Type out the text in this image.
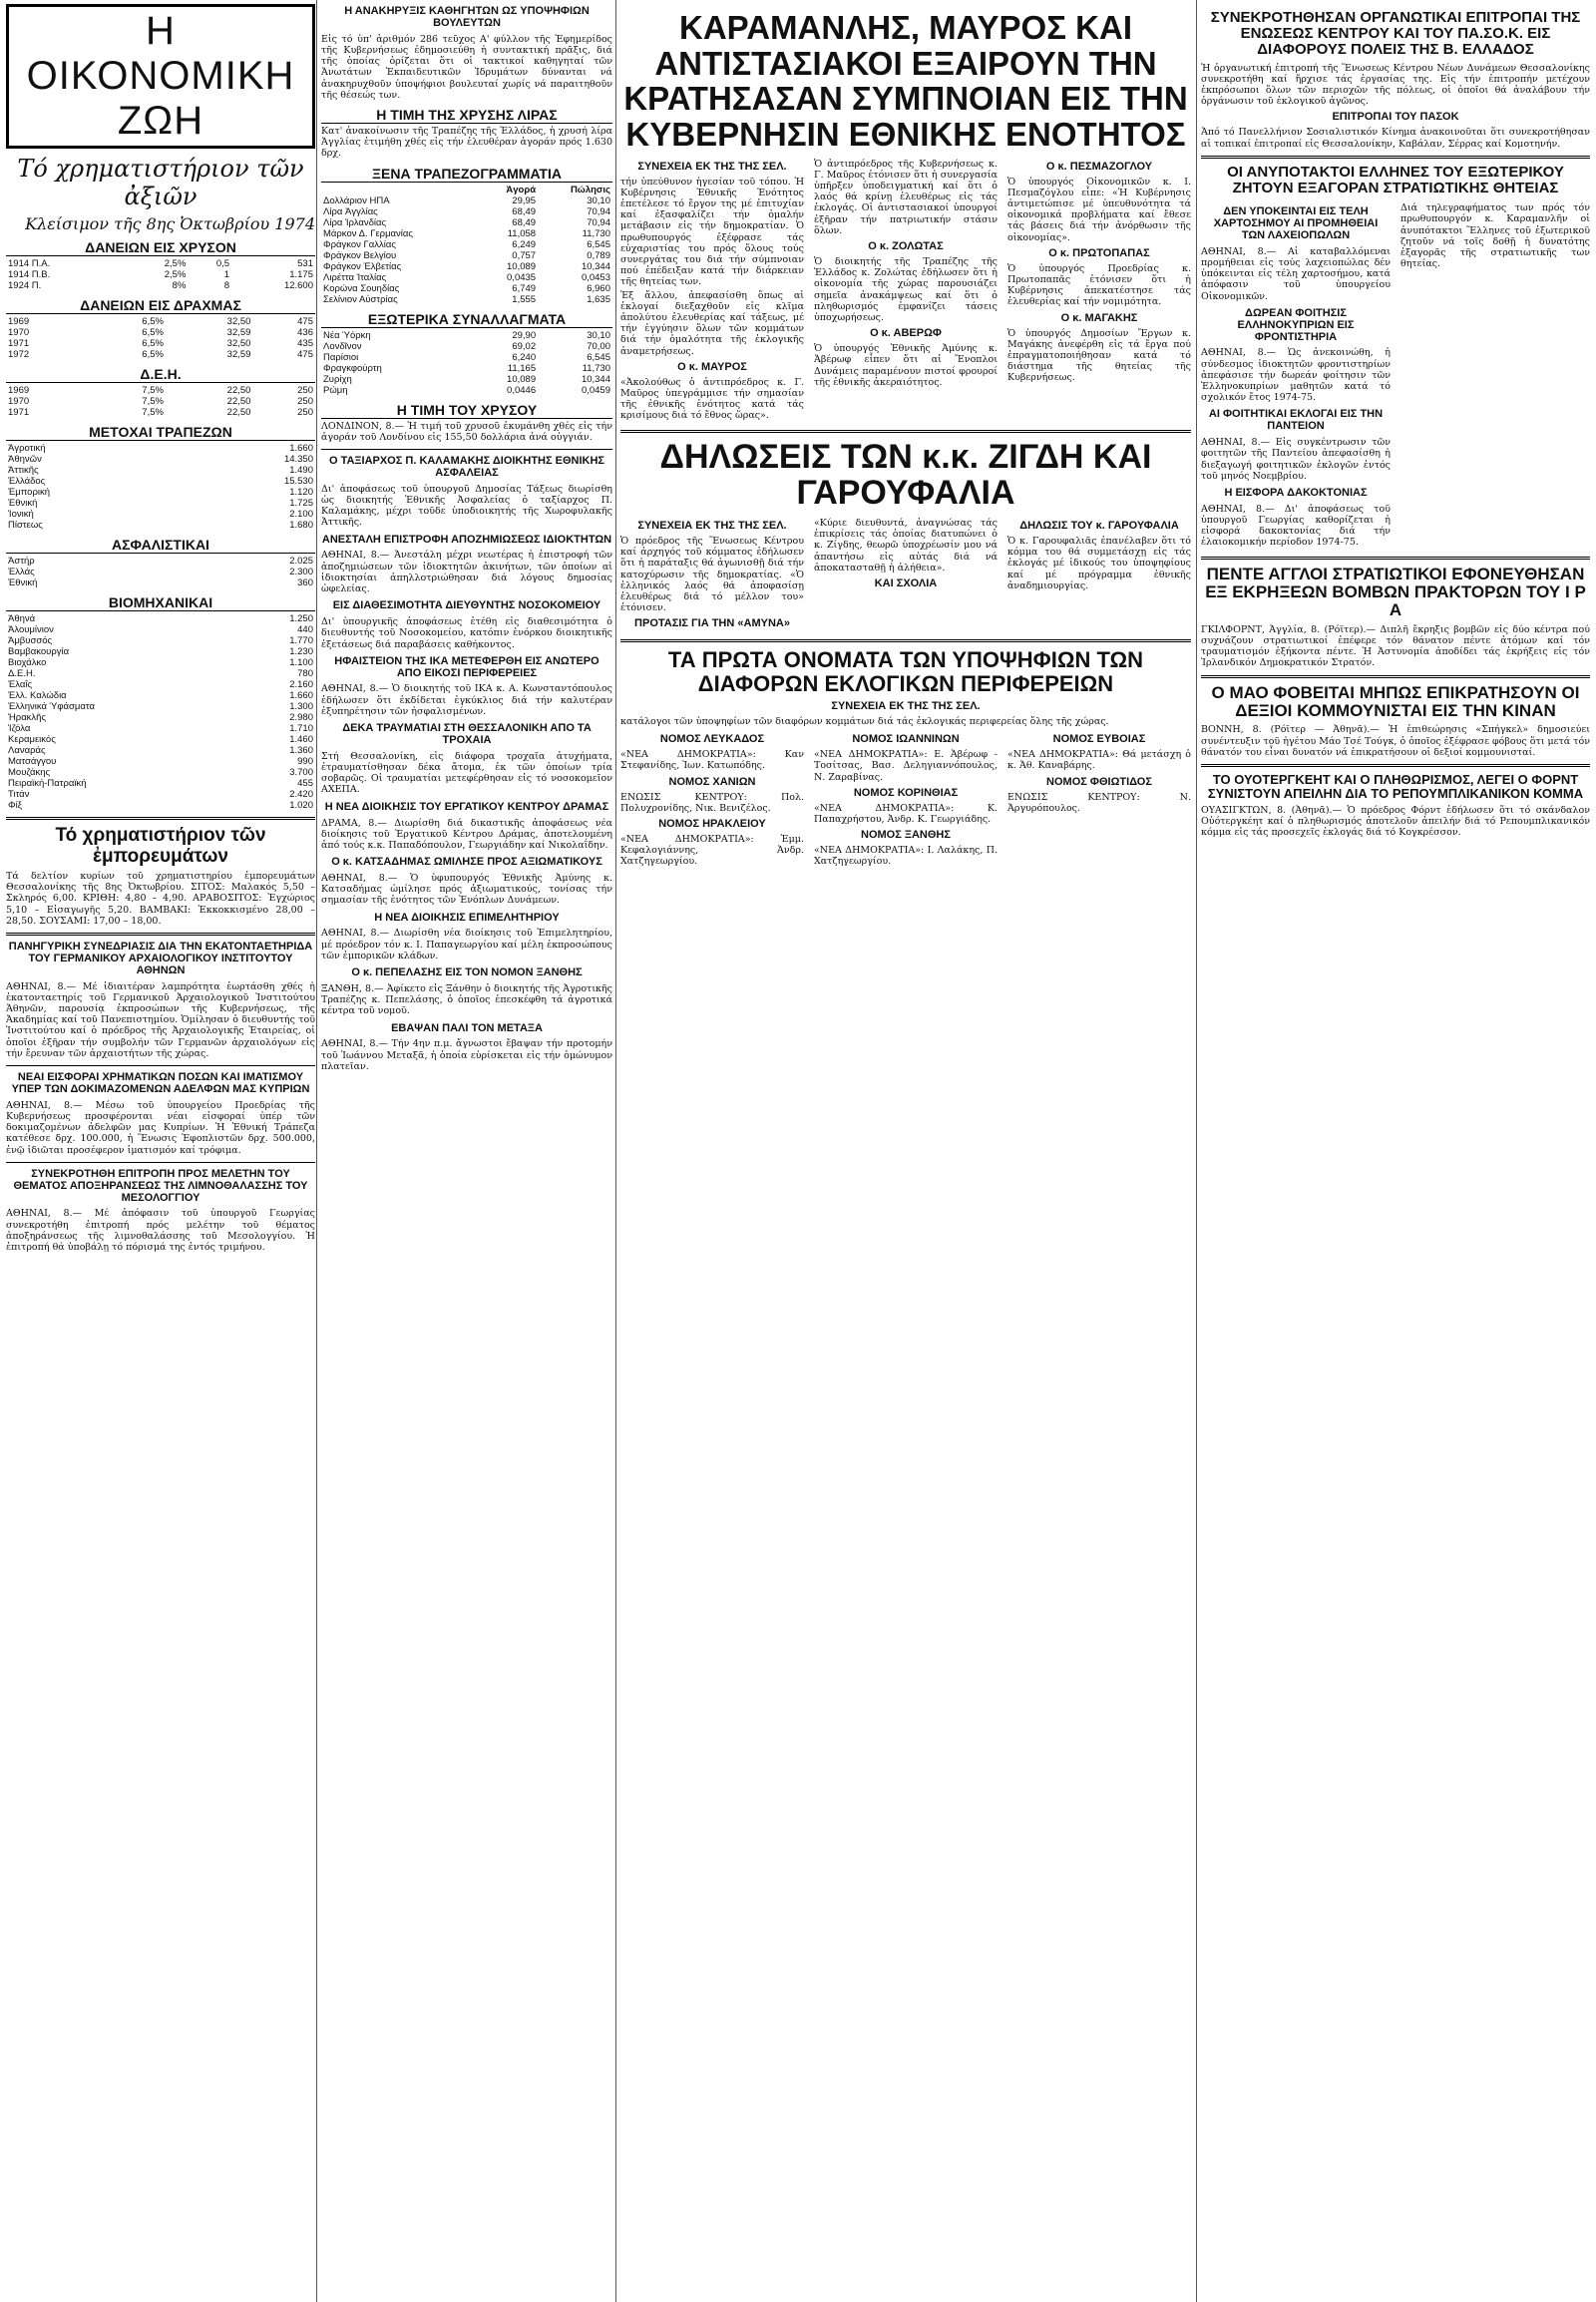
Η ΟΙΚΟΝΟΜΙΚΗ ΖΩΗ
Τό χρηματιστήριον τῶν ἀξιῶν
Κλείσιμον τῆς 8ης Ὀκτωβρίου 1974
ΔΑΝΕΙΩΝ ΕΙΣ ΧΡΥΣΟΝ
1914 Π.Α.	2,5%	0,5	531
1914 Π.Β.	2,5%	1	1.175
1924 Π.	8%	8	12.600
ΔΑΝΕΙΩΝ ΕΙΣ ΔΡΑΧΜΑΣ
1969	6,5%	32,50	475
1970	6,5%	32,59	436
1971	6,5%	32,50	435
1972	6,5%	32,59	475
Δ.Ε.Η.
1969	7,5%	22,50	250
1970	7,5%	22,50	250
1971	7,5%	22,50	250
ΜΕΤΟΧΑΙ ΤΡΑΠΕΖΩΝ
Ἀγροτική	1.660
Ἀθηνῶν	14.350
Ἀττικῆς	1.490
Ἑλλάδος	15.530
Ἐμπορική	1.120
Ἐθνική	1.725
Ἰονική	2.100
Πίστεως	1.680
ΑΣΦΑΛΙΣΤΙΚΑΙ
Ἀστήρ	2.025
Ἑλλάς	2.300
Ἐθνική	360
ΒΙΟΜΗΧΑΝΙΚΑΙ
Ἀθηνά	1.250
Ἀλουμίνιον	440
Ἀμβυσσός	1.770
Βαμβακουργία	1.230
Βιοχάλκο	1.100
Δ.Ε.Η.	780
Ἐλαΐς	2.160
Ἑλλ. Καλώδια	1.660
Ἑλληνικά Ὑφάσματα	1.300
Ἠρακλῆς	2.980
Ἰζόλα	1.710
Κεραμεικός	1.460
Λαναράς	1.360
Ματσάγγου	990
Μουζάκης	3.700
Πειραϊκή-Πατραϊκή	455
Τιτάν	2.420
Φίξ	1.020
Τό χρηματιστήριον τῶν ἐμπορευμάτων

Τά δελτίον κυρίων τοῦ χρηματιστηρίου ἐμπορευμάτων Θεσσαλονίκης τῆς 8ης Ὀκτωβρίου. ΣΙΤΟΣ: Μαλακός 5,50 – Σκληρός 6,00. ΚΡΙΘΗ: 4,80 – 4,90. ΑΡΑΒΟΣΙΤΟΣ: Ἐγχώριος 5,10 – Εἰσαγωγῆς 5,20. ΒΑΜΒΑΚΙ: Ἐκκοκκισμένο 28,00 – 28,50. ΣΟΥΣΑΜΙ: 17,00 – 18,00.

ΠΑΝΗΓΥΡΙΚΗ ΣΥΝΕΔΡΙΑΣΙΣ ΔΙΑ ΤΗΝ ΕΚΑΤΟΝΤΑΕΤΗΡΙΔΑ ΤΟΥ ΓΕΡΜΑΝΙΚΟΥ ΑΡΧΑΙΟΛΟΓΙΚΟΥ ΙΝΣΤΙΤΟΥΤΟΥ ΑΘΗΝΩΝ

ΑΘΗΝΑΙ, 8.— Μέ ἰδιαιτέραν λαμπρότητα ἑωρτάσθη χθές ἡ ἑκατονταετηρίς τοῦ Γερμανικοῦ Ἀρχαιολογικοῦ Ἰνστιτούτου Ἀθηνῶν, παρουσίᾳ ἐκπροσώπων τῆς Κυβερνήσεως, τῆς Ἀκαδημίας καί τοῦ Πανεπιστημίου. Ὁμίλησαν ὁ διευθυντής τοῦ Ἰνστιτούτου καί ὁ πρόεδρος τῆς Ἀρχαιολογικῆς Ἑταιρείας, οἱ ὁποῖοι ἐξῆραν τήν συμβολήν τῶν Γερμανῶν ἀρχαιολόγων εἰς τήν ἔρευναν τῶν ἀρχαιοτήτων τῆς χώρας.

ΝΕΑΙ ΕΙΣΦΟΡΑΙ ΧΡΗΜΑΤΙΚΩΝ ΠΟΣΩΝ ΚΑΙ ΙΜΑΤΙΣΜΟΥ ΥΠΕΡ ΤΩΝ ΔΟΚΙΜΑΖΟΜΕΝΩΝ ΑΔΕΛΦΩΝ ΜΑΣ ΚΥΠΡΙΩΝ

ΑΘΗΝΑΙ, 8.— Μέσω τοῦ ὑπουργείου Προεδρίας τῆς Κυβερνήσεως προσφέρονται νέαι εἰσφοραί ὑπέρ τῶν δοκιμαζομένων ἀδελφῶν μας Κυπρίων. Ἡ Ἐθνική Τράπεζα κατέθεσε δρχ. 100.000, ἡ Ἕνωσις Ἐφοπλιστῶν δρχ. 500.000, ἐνῷ ἰδιῶται προσέφερον ἱματισμόν καί τρόφιμα.

ΣΥΝΕΚΡΟΤΗΘΗ ΕΠΙΤΡΟΠΗ ΠΡΟΣ ΜΕΛΕΤΗΝ ΤΟΥ ΘΕΜΑΤΟΣ ΑΠΟΞΗΡΑΝΣΕΩΣ ΤΗΣ ΛΙΜΝΟΘΑΛΑΣΣΗΣ ΤΟΥ ΜΕΣΟΛΟΓΓΙΟΥ

ΑΘΗΝΑΙ, 8.— Μέ ἀπόφασιν τοῦ ὑπουργοῦ Γεωργίας συνεκροτήθη ἐπιτροπή πρός μελέτην τοῦ θέματος ἀποξηράνσεως τῆς λιμνοθαλάσσης τοῦ Μεσολογγίου. Ἡ ἐπιτροπή θά ὑποβάλῃ τό πόρισμά της ἐντός τριμήνου.

Η ΑΝΑΚΗΡΥΞΙΣ ΚΑΘΗΓΗΤΩΝ ΩΣ ΥΠΟΨΗΦΙΩΝ ΒΟΥΛΕΥΤΩΝ

Εἰς τό ὑπ' ἀριθμόν 286 τεῦχος Α' φύλλον τῆς Ἐφημερίδος τῆς Κυβερνήσεως ἐδημοσιεύθη ἡ συντακτική πρᾶξις, διά τῆς ὁποίας ὁρίζεται ὅτι οἱ τακτικοί καθηγηταί τῶν Ἀνωτάτων Ἐκπαιδευτικῶν Ἱδρυμάτων δύνανται νά ἀνακηρυχθοῦν ὑποψήφιοι βουλευταί χωρίς νά παραιτηθοῦν τῆς θέσεώς των.

Η ΤΙΜΗ ΤΗΣ ΧΡΥΣΗΣ ΛΙΡΑΣ

Κατ' ἀνακοίνωσιν τῆς Τραπέζης τῆς Ἑλλάδος, ἡ χρυσή λίρα Ἀγγλίας ἐτιμήθη χθές εἰς τήν ἐλευθέραν ἀγοράν πρός 1.630 δρχ.

ΞΕΝΑ ΤΡΑΠΕΖΟΓΡΑΜΜΑΤΙΑ
	Ἀγορά	Πώλησις
Δολλάριον ΗΠΑ	29,95	30,10
Λίρα Ἀγγλίας	68,49	70,94
Λίρα Ἰρλανδίας	68,49	70,94
Μάρκον Δ. Γερμανίας	11,058	11,730
Φράγκον Γαλλίας	6,249	6,545
Φράγκον Βελγίου	0,757	0,789
Φράγκον Ἑλβετίας	10,089	10,344
Λιρέττα Ἰταλίας	0,0435	0,0453
Κορώνα Σουηδίας	6,749	6,960
Σελίνιον Αὐστρίας	1,555	1,635
ΕΞΩΤΕΡΙΚΑ ΣΥΝΑΛΛΑΓΜΑΤΑ
Νέα Ὑόρκη	29,90	30,10
Λονδῖνον	69,02	70,00
Παρίσιοι	6,240	6,545
Φραγκφούρτη	11,165	11,730
Ζυρίχη	10,089	10,344
Ρώμη	0,0446	0,0459
Η ΤΙΜΗ ΤΟΥ ΧΡΥΣΟΥ

ΛΟΝΔΙΝΟΝ, 8.— Ἡ τιμή τοῦ χρυσοῦ ἐκυμάνθη χθές εἰς τήν ἀγοράν τοῦ Λονδίνου εἰς 155,50 δολλάρια ἀνά οὐγγιάν.

Ο ΤΑΞΙΑΡΧΟΣ Π. ΚΑΛΑΜΑΚΗΣ ΔΙΟΙΚΗΤΗΣ ΕΘΝΙΚΗΣ ΑΣΦΑΛΕΙΑΣ

Δι' ἀποφάσεως τοῦ ὑπουργοῦ Δημοσίας Τάξεως διωρίσθη ὡς διοικητής Ἐθνικῆς Ἀσφαλείας ὁ ταξίαρχος Π. Καλαμάκης, μέχρι τοῦδε ὑποδιοικητής τῆς Χωροφυλακῆς Ἀττικῆς.

ΑΝΕΣΤΑΛΗ ΕΠΙΣΤΡΟΦΗ ΑΠΟΖΗΜΙΩΣΕΩΣ ΙΔΙΟΚΤΗΤΩΝ

ΑΘΗΝΑΙ, 8.— Ἀνεστάλη μέχρι νεωτέρας ἡ ἐπιστροφή τῶν ἀποζημιώσεων τῶν ἰδιοκτητῶν ἀκινήτων, τῶν ὁποίων αἱ ἰδιοκτησίαι ἀπηλλοτριώθησαν διά λόγους δημοσίας ὠφελείας.

ΕΙΣ ΔΙΑΘΕΣΙΜΟΤΗΤΑ ΔΙΕΥΘΥΝΤΗΣ ΝΟΣΟΚΟΜΕΙΟΥ

Δι' ὑπουργικῆς ἀποφάσεως ἐτέθη εἰς διαθεσιμότητα ὁ διευθυντής τοῦ Νοσοκομείου, κατόπιν ἐνόρκου διοικητικῆς ἐξετάσεως διά παραβάσεις καθήκοντος.

ΗΦΑΙΣΤΕΙΟΝ ΤΗΣ ΙΚΑ ΜΕΤΕΦΕΡΘΗ ΕΙΣ ΑΝΩΤΕΡΟ ΑΠΟ ΕΙΚΟΣΙ ΠΕΡΙΦΕΡΕΙΕΣ

ΑΘΗΝΑΙ, 8.— Ὁ διοικητής τοῦ ΙΚΑ κ. Α. Κωνσταντόπουλος ἐδήλωσεν ὅτι ἐκδίδεται ἐγκύκλιος διά τήν καλυτέραν ἐξυπηρέτησιν τῶν ἠσφαλισμένων.

ΔΕΚΑ ΤΡΑΥΜΑΤΙΑΙ ΣΤΗ ΘΕΣΣΑΛΟΝΙΚΗ ΑΠΟ ΤΑ ΤΡΟΧΑΙΑ

Στή Θεσσαλονίκη, εἰς διάφορα τροχαῖα ἀτυχήματα, ἐτραυματίσθησαν δέκα ἄτομα, ἐκ τῶν ὁποίων τρία σοβαρῶς. Οἱ τραυματίαι μετεφέρθησαν εἰς τό νοσοκομεῖον ΑΧΕΠΑ.

Η ΝΕΑ ΔΙΟΙΚΗΣΙΣ ΤΟΥ ΕΡΓΑΤΙΚΟΥ ΚΕΝΤΡΟΥ ΔΡΑΜΑΣ

ΔΡΑΜΑ, 8.— Διωρίσθη διά δικαστικῆς ἀποφάσεως νέα διοίκησις τοῦ Ἐργατικοῦ Κέντρου Δράμας, ἀποτελουμένη ἀπό τούς κ.κ. Παπαδόπουλον, Γεωργιάδην καί Νικολαΐδην.

Ο κ. ΚΑΤΣΑΔΗΜΑΣ ΩΜΙΛΗΣΕ ΠΡΟΣ ΑΞΙΩΜΑΤΙΚΟΥΣ

ΑΘΗΝΑΙ, 8.— Ὁ ὑφυπουργός Ἐθνικῆς Ἀμύνης κ. Κατσαδήμας ὡμίλησε πρός ἀξιωματικούς, τονίσας τήν σημασίαν τῆς ἑνότητος τῶν Ἐνόπλων Δυνάμεων.

Η ΝΕΑ ΔΙΟΙΚΗΣΙΣ ΕΠΙΜΕΛΗΤΗΡΙΟΥ

ΑΘΗΝΑΙ, 8.— Διωρίσθη νέα διοίκησις τοῦ Ἐπιμελητηρίου, μέ πρόεδρον τόν κ. Ι. Παπαγεωργίου καί μέλη ἐκπροσώπους τῶν ἐμπορικῶν κλάδων.

Ο κ. ΠΕΠΕΛΑΣΗΣ ΕΙΣ ΤΟΝ ΝΟΜΟΝ ΞΑΝΘΗΣ

ΞΑΝΘΗ, 8.— Ἀφίκετο εἰς Ξάνθην ὁ διοικητής τῆς Ἀγροτικῆς Τραπέζης κ. Πεπελάσης, ὁ ὁποῖος ἐπεσκέφθη τά ἀγροτικά κέντρα τοῦ νομοῦ.

ΕΒΑΨΑΝ ΠΑΛΙ ΤΟΝ ΜΕΤΑΞΑ

ΑΘΗΝΑΙ, 8.— Τήν 4ην π.μ. ἄγνωστοι ἔβαψαν τήν προτομήν τοῦ Ἰωάννου Μεταξᾶ, ἡ ὁποία εὑρίσκεται εἰς τήν ὁμώνυμον πλατεῖαν.

ΚΑΡΑΜΑΝΛΗΣ, ΜΑΥΡΟΣ ΚΑΙ ΑΝΤΙΣΤΑΣΙΑΚΟΙ ΕΞΑΙΡΟΥΝ ΤΗΝ ΚΡΑΤΗΣΑΣΑΝ ΣΥΜΠΝΟΙΑΝ ΕΙΣ ΤΗΝ ΚΥΒΕΡΝΗΣΙΝ ΕΘΝΙΚΗΣ ΕΝΟΤΗΤΟΣ
ΣΥΝΕΧΕΙΑ ΕΚ ΤΗΣ ΤΗΣ ΣΕΛ.

τήν ὑπεύθυνον ἡγεσίαν τοῦ τόπου. Ἡ Κυβέρνησις Ἐθνικῆς Ἑνότητος ἐπετέλεσε τό ἔργον της μέ ἐπιτυχίαν καί ἐξασφαλίζει τήν ὁμαλήν μετάβασιν εἰς τήν δημοκρατίαν. Ὁ πρωθυπουργός ἐξέφρασε τάς εὐχαριστίας του πρός ὅλους τούς συνεργάτας του διά τήν σύμπνοιαν πού ἐπέδειξαν κατά τήν διάρκειαν τῆς θητείας των.

Ἐξ ἄλλου, ἀπεφασίσθη ὅπως αἱ ἐκλογαί διεξαχθοῦν εἰς κλῖμα ἀπολύτου ἐλευθερίας καί τάξεως, μέ τήν ἐγγύησιν ὅλων τῶν κομμάτων διά τήν ὁμαλότητα τῆς ἐκλογικῆς ἀναμετρήσεως.

Ο κ. ΜΑΥΡΟΣ

«Ἀκολούθως ὁ ἀντιπρόεδρος κ. Γ. Μαῦρος ὑπεγράμμισε τήν σημασίαν τῆς ἐθνικῆς ἑνότητος κατά τάς κρισίμους διά τό ἔθνος ὥρας».

Ὁ ἀντιπρόεδρος τῆς Κυβερνήσεως κ. Γ. Μαῦρος ἐτόνισεν ὅτι ἡ συνεργασία ὑπῆρξεν ὑποδειγματική καί ὅτι ὁ λαός θά κρίνῃ ἐλευθέρως εἰς τάς ἐκλογάς. Οἱ ἀντιστασιακοί ὑπουργοί ἐξῆραν τήν πατριωτικήν στάσιν ὅλων.

Ο κ. ΖΟΛΩΤΑΣ

Ὁ διοικητής τῆς Τραπέζης τῆς Ἑλλάδος κ. Ζολώτας ἐδήλωσεν ὅτι ἡ οἰκονομία τῆς χώρας παρουσιάζει σημεῖα ἀνακάμψεως καί ὅτι ὁ πληθωρισμός ἐμφανίζει τάσεις ὑποχωρήσεως.

Ο κ. ΑΒΕΡΩΦ

Ὁ ὑπουργός Ἐθνικῆς Ἀμύνης κ. Ἀβέρωφ εἶπεν ὅτι αἱ Ἔνοπλοι Δυνάμεις παραμένουν πιστοί φρουροί τῆς ἐθνικῆς ἀκεραιότητος.

Ο κ. ΠΕΣΜΑΖΟΓΛΟΥ

Ὁ ὑπουργός Οἰκονομικῶν κ. Ι. Πεσμαζόγλου εἶπε: «Ἡ Κυβέρνησις ἀντιμετώπισε μέ ὑπευθυνότητα τά οἰκονομικά προβλήματα καί ἔθεσε τάς βάσεις διά τήν ἀνόρθωσιν τῆς οἰκονομίας».

Ο κ. ΠΡΩΤΟΠΑΠΑΣ

Ὁ ὑπουργός Προεδρίας κ. Πρωτοπαπᾶς ἐτόνισεν ὅτι ἡ Κυβέρνησις ἀπεκατέστησε τάς ἐλευθερίας καί τήν νομιμότητα.

Ο κ. ΜΑΓΑΚΗΣ

Ὁ ὑπουργός Δημοσίων Ἔργων κ. Μαγάκης ἀνεφέρθη εἰς τά ἔργα πού ἐπραγματοποιήθησαν κατά τό διάστημα τῆς θητείας τῆς Κυβερνήσεως.

ΔΗΛΩΣΕΙΣ ΤΩΝ κ.κ. ΖΙΓΔΗ ΚΑΙ ΓΑΡΟΥΦΑΛΙΑ
ΣΥΝΕΧΕΙΑ ΕΚ ΤΗΣ ΤΗΣ ΣΕΛ.

Ὁ πρόεδρος τῆς Ἕνωσεως Κέντρου καί ἀρχηγός τοῦ κόμματος ἐδήλωσεν ὅτι ἡ παράταξις θά ἀγωνισθῇ διά τήν κατοχύρωσιν τῆς δημοκρατίας. «Ὁ ἑλληνικός λαός θά ἀποφασίσῃ ἐλευθέρως διά τό μέλλον του» ἐτόνισεν.

ΠΡΟΤΑΣΙΣ ΓΙΑ ΤΗΝ «ΑΜΥΝΑ»

«Κύριε διευθυντά, ἀναγνώσας τάς ἐπικρίσεις τάς ὁποίας διατυπώνει ὁ κ. Ζίγδης, θεωρῶ ὑποχρέωσίν μου νά ἀπαντήσω εἰς αὐτάς διά νά ἀποκατασταθῇ ἡ ἀλήθεια».

ΚΑΙ ΣΧΟΛΙΑ
ΔΗΛΩΣΙΣ ΤΟΥ κ. ΓΑΡΟΥΦΑΛΙΑ

Ὁ κ. Γαρουφαλιᾶς ἐπανέλαβεν ὅτι τό κόμμα του θά συμμετάσχῃ εἰς τάς ἐκλογάς μέ ἰδικούς του ὑποψηφίους καί μέ πρόγραμμα ἐθνικῆς ἀναδημιουργίας.

ΤΑ ΠΡΩΤΑ ΟΝΟΜΑΤΑ ΤΩΝ ΥΠΟΨΗΦΙΩΝ ΤΩΝ ΔΙΑΦΟΡΩΝ ΕΚΛΟΓΙΚΩΝ ΠΕΡΙΦΕΡΕΙΩΝ
ΣΥΝΕΧΕΙΑ ΕΚ ΤΗΣ ΤΗΣ ΣΕΛ.

κατάλογοι τῶν ὑποψηφίων τῶν διαφόρων κομμάτων διά τάς ἐκλογικάς περιφερείας ὅλης τῆς χώρας.

ΝΟΜΟΣ ΛΕΥΚΑΔΟΣ

«ΝΕΑ ΔΗΜΟΚΡΑΤΙΑ»: Καν Στεφανίδης, Ἰων. Κατωπόδης.

ΝΟΜΟΣ ΧΑΝΙΩΝ

ΕΝΩΣΙΣ ΚΕΝΤΡΟΥ: Πολ. Πολυχρονίδης, Νικ. Βενιζέλος.

ΝΟΜΟΣ ΗΡΑΚΛΕΙΟΥ

«ΝΕΑ ΔΗΜΟΚΡΑΤΙΑ»: Ἐμμ. Κεφαλογιάννης, Ἀνδρ. Χατζηγεωργίου.

ΝΟΜΟΣ ΙΩΑΝΝΙΝΩΝ

«ΝΕΑ ΔΗΜΟΚΡΑΤΙΑ»: Ε. Ἀβέρωφ - Τοσίτσας, Βασ. Δεληγιαννόπουλος, Ν. Ζαραβίνας.

ΝΟΜΟΣ ΚΟΡΙΝΘΙΑΣ

«ΝΕΑ ΔΗΜΟΚΡΑΤΙΑ»: Κ. Παπαχρήστου, Ἀνδρ. Κ. Γεωργιάδης.

ΝΟΜΟΣ ΞΑΝΘΗΣ

«ΝΕΑ ΔΗΜΟΚΡΑΤΙΑ»: Ι. Λαλάκης, Π. Χατζηγεωργίου.

ΝΟΜΟΣ ΕΥΒΟΙΑΣ

«ΝΕΑ ΔΗΜΟΚΡΑΤΙΑ»: Θά μετάσχη ὁ κ. Ἀθ. Καναβάρης.

ΝΟΜΟΣ ΦΘΙΩΤΙΔΟΣ

ΕΝΩΣΙΣ ΚΕΝΤΡΟΥ: Ν. Ἀργυρόπουλος.

ΣΥΝΕΚΡΟΤΗΘΗΣΑΝ ΟΡΓΑΝΩΤΙΚΑΙ ΕΠΙΤΡΟΠΑΙ ΤΗΣ ΕΝΩΣΕΩΣ ΚΕΝΤΡΟΥ ΚΑΙ ΤΟΥ ΠΑ.ΣΟ.Κ. ΕΙΣ ΔΙΑΦΟΡΟΥΣ ΠΟΛΕΙΣ ΤΗΣ Β. ΕΛΛΑΔΟΣ

Ἡ ὀργανωτική ἐπιτροπή τῆς Ἕνωσεως Κέντρου Νέων Δυνάμεων Θεσσαλονίκης συνεκροτήθη καί ἤρχισε τάς ἐργασίας της. Εἰς τήν ἐπιτροπήν μετέχουν ἐκπρόσωποι ὅλων τῶν περιοχῶν τῆς πόλεως, οἱ ὁποῖοι θά ἀναλάβουν τήν ὀργάνωσιν τοῦ ἐκλογικοῦ ἀγῶνος.

ΕΠΙΤΡΟΠΑΙ ΤΟΥ ΠΑΣΟΚ

Ἀπό τό Πανελλήνιον Σοσιαλιστικόν Κίνημα ἀνακοινοῦται ὅτι συνεκροτήθησαν αἱ τοπικαί ἐπιτροπαί εἰς Θεσσαλονίκην, Καβάλαν, Σέρρας καί Κομοτηνήν.

ΟΙ ΑΝΥΠΟΤΑΚΤΟΙ ΕΛΛΗΝΕΣ ΤΟΥ ΕΞΩΤΕΡΙΚΟΥ ΖΗΤΟΥΝ ΕΞΑΓΟΡΑΝ ΣΤΡΑΤΙΩΤΙΚΗΣ ΘΗΤΕΙΑΣ
ΔΕΝ ΥΠΟΚΕΙΝΤΑΙ ΕΙΣ ΤΕΛΗ ΧΑΡΤΟΣΗΜΟΥ ΑΙ ΠΡΟΜΗΘΕΙΑΙ ΤΩΝ ΛΑΧΕΙΟΠΩΛΩΝ

ΑΘΗΝΑΙ, 8.— Αἱ καταβαλλόμεναι προμήθειαι εἰς τούς λαχειοπώλας δέν ὑπόκεινται εἰς τέλη χαρτοσήμου, κατά ἀπόφασιν τοῦ ὑπουργείου Οἰκονομικῶν.

ΔΩΡΕΑΝ ΦΟΙΤΗΣΙΣ ΕΛΛΗΝΟΚΥΠΡΙΩΝ ΕΙΣ ΦΡΟΝΤΙΣΤΗΡΙΑ

ΑΘΗΝΑΙ, 8.— Ὡς ἀνεκοινώθη, ἡ σύνδεσμος ἰδιοκτητῶν φροντιστηρίων ἀπεφάσισε τήν δωρεάν φοίτησιν τῶν Ἑλληνοκυπρίων μαθητῶν κατά τό σχολικόν ἔτος 1974-75.

ΑΙ ΦΟΙΤΗΤΙΚΑΙ ΕΚΛΟΓΑΙ ΕΙΣ ΤΗΝ ΠΑΝΤΕΙΟΝ

ΑΘΗΝΑΙ, 8.— Εἰς συγκέντρωσιν τῶν φοιτητῶν τῆς Παντείου ἀπεφασίσθη ἡ διεξαγωγή φοιτητικῶν ἐκλογῶν ἐντός τοῦ μηνός Νοεμβρίου.

Η ΕΙΣΦΟΡΑ ΔΑΚΟΚΤΟΝΙΑΣ

ΑΘΗΝΑΙ, 8.— Δι' ἀποφάσεως τοῦ ὑπουργοῦ Γεωργίας καθορίζεται ἡ εἰσφορά δακοκτονίας διά τήν ἐλαιοκομικήν περίοδον 1974-75.

Διά τηλεγραφήματος των πρός τόν πρωθυπουργόν κ. Καραμανλῆν οἱ ἀνυπότακτοι Ἕλληνες τοῦ ἐξωτερικοῦ ζητοῦν νά τοῖς δοθῇ ἡ δυνατότης ἐξαγορᾶς τῆς στρατιωτικῆς των θητείας.

ΠΕΝΤΕ ΑΓΓΛΟΙ ΣΤΡΑΤΙΩΤΙΚΟΙ ΕΦΟΝΕΥΘΗΣΑΝ ΕΞ ΕΚΡΗΞΕΩΝ ΒΟΜΒΩΝ ΠΡΑΚΤΟΡΩΝ ΤΟΥ Ι Ρ Α

ΓΚΙΛΦΟΡΝΤ, Ἀγγλία, 8. (Ρόϊτερ).— Διπλῆ ἔκρηξις βομβῶν εἰς δύο κέντρα πού συχνάζουν στρατιωτικοί ἐπέφερε τόν θάνατον πέντε ἀτόμων καί τόν τραυματισμόν ἑξήκοντα πέντε. Ἡ Ἀστυνομία ἀποδίδει τάς ἐκρήξεις εἰς τόν Ἰρλανδικόν Δημοκρατικόν Στρατόν.

Ο ΜΑΟ ΦΟΒΕΙΤΑΙ ΜΗΠΩΣ ΕΠΙΚΡΑΤΗΣΟΥΝ ΟΙ ΔΕΞΙΟΙ ΚΟΜΜΟΥΝΙΣΤΑΙ ΕΙΣ ΤΗΝ ΚΙΝΑΝ

ΒΟΝΝΗ, 8. (Ρόϊτερ — Ἀθηνᾶ).— Ἡ ἐπιθεώρησις «Σπήγκελ» δημοσιεύει συνέντευξιν τοῦ ἡγέτου Μάο Τσέ Τούγκ, ὁ ὁποῖος ἐξέφρασε φόβους ὅτι μετά τόν θάνατόν του εἶναι δυνατόν νά ἐπικρατήσουν οἱ δεξιοί κομμουνισταί.

ΤΟ ΟΥΟΤΕΡΓΚΕΗΤ ΚΑΙ Ο ΠΛΗΘΩΡΙΣΜΟΣ, ΛΕΓΕΙ Ο ΦΟΡΝΤ ΣΥΝΙΣΤΟΥΝ ΑΠΕΙΛΗΝ ΔΙΑ ΤΟ ΡΕΠΟΥΜΠΛΙΚΑΝΙΚΟΝ ΚΟΜΜΑ

ΟΥΑΣΙΓΚΤΩΝ, 8. (Ἀθηνᾶ).— Ὁ πρόεδρος Φόρντ ἐδήλωσεν ὅτι τό σκάνδαλον Οὐότεργκέητ καί ὁ πληθωρισμός ἀποτελοῦν ἀπειλήν διά τό Ρεπουμπλικανικόν κόμμα εἰς τάς προσεχεῖς ἐκλογάς διά τό Κογκρέσσον.
